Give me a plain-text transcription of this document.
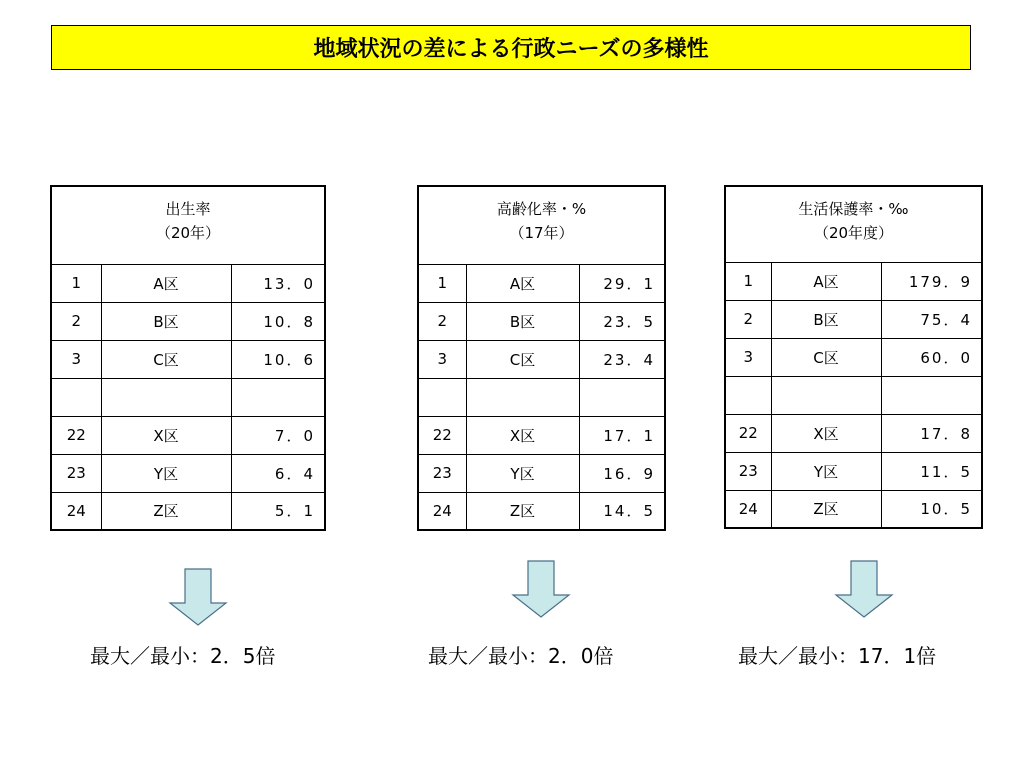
地域状況の差による行政ニーズの多様性
出生率
（20年）		
1	A区	13．0
2	B区	10．8
3	C区	10．6

22	X区	7．0
23	Y区	6．4
24	Z区	5．1
高齢化率・%
（17年）		
1	A区	29．1
2	B区	23．5
3	C区	23．4

22	X区	17．1
23	Y区	16．9
24	Z区	14．5
生活保護率・‰
（20年度）		
1	A区	179．9
2	B区	75．4
3	C区	60．0

22	X区	17．8
23	Y区	11．5
24	Z区	10．5
最大／最小：2．5倍	最大／最小：2．0倍	最大／最小：17．1倍
